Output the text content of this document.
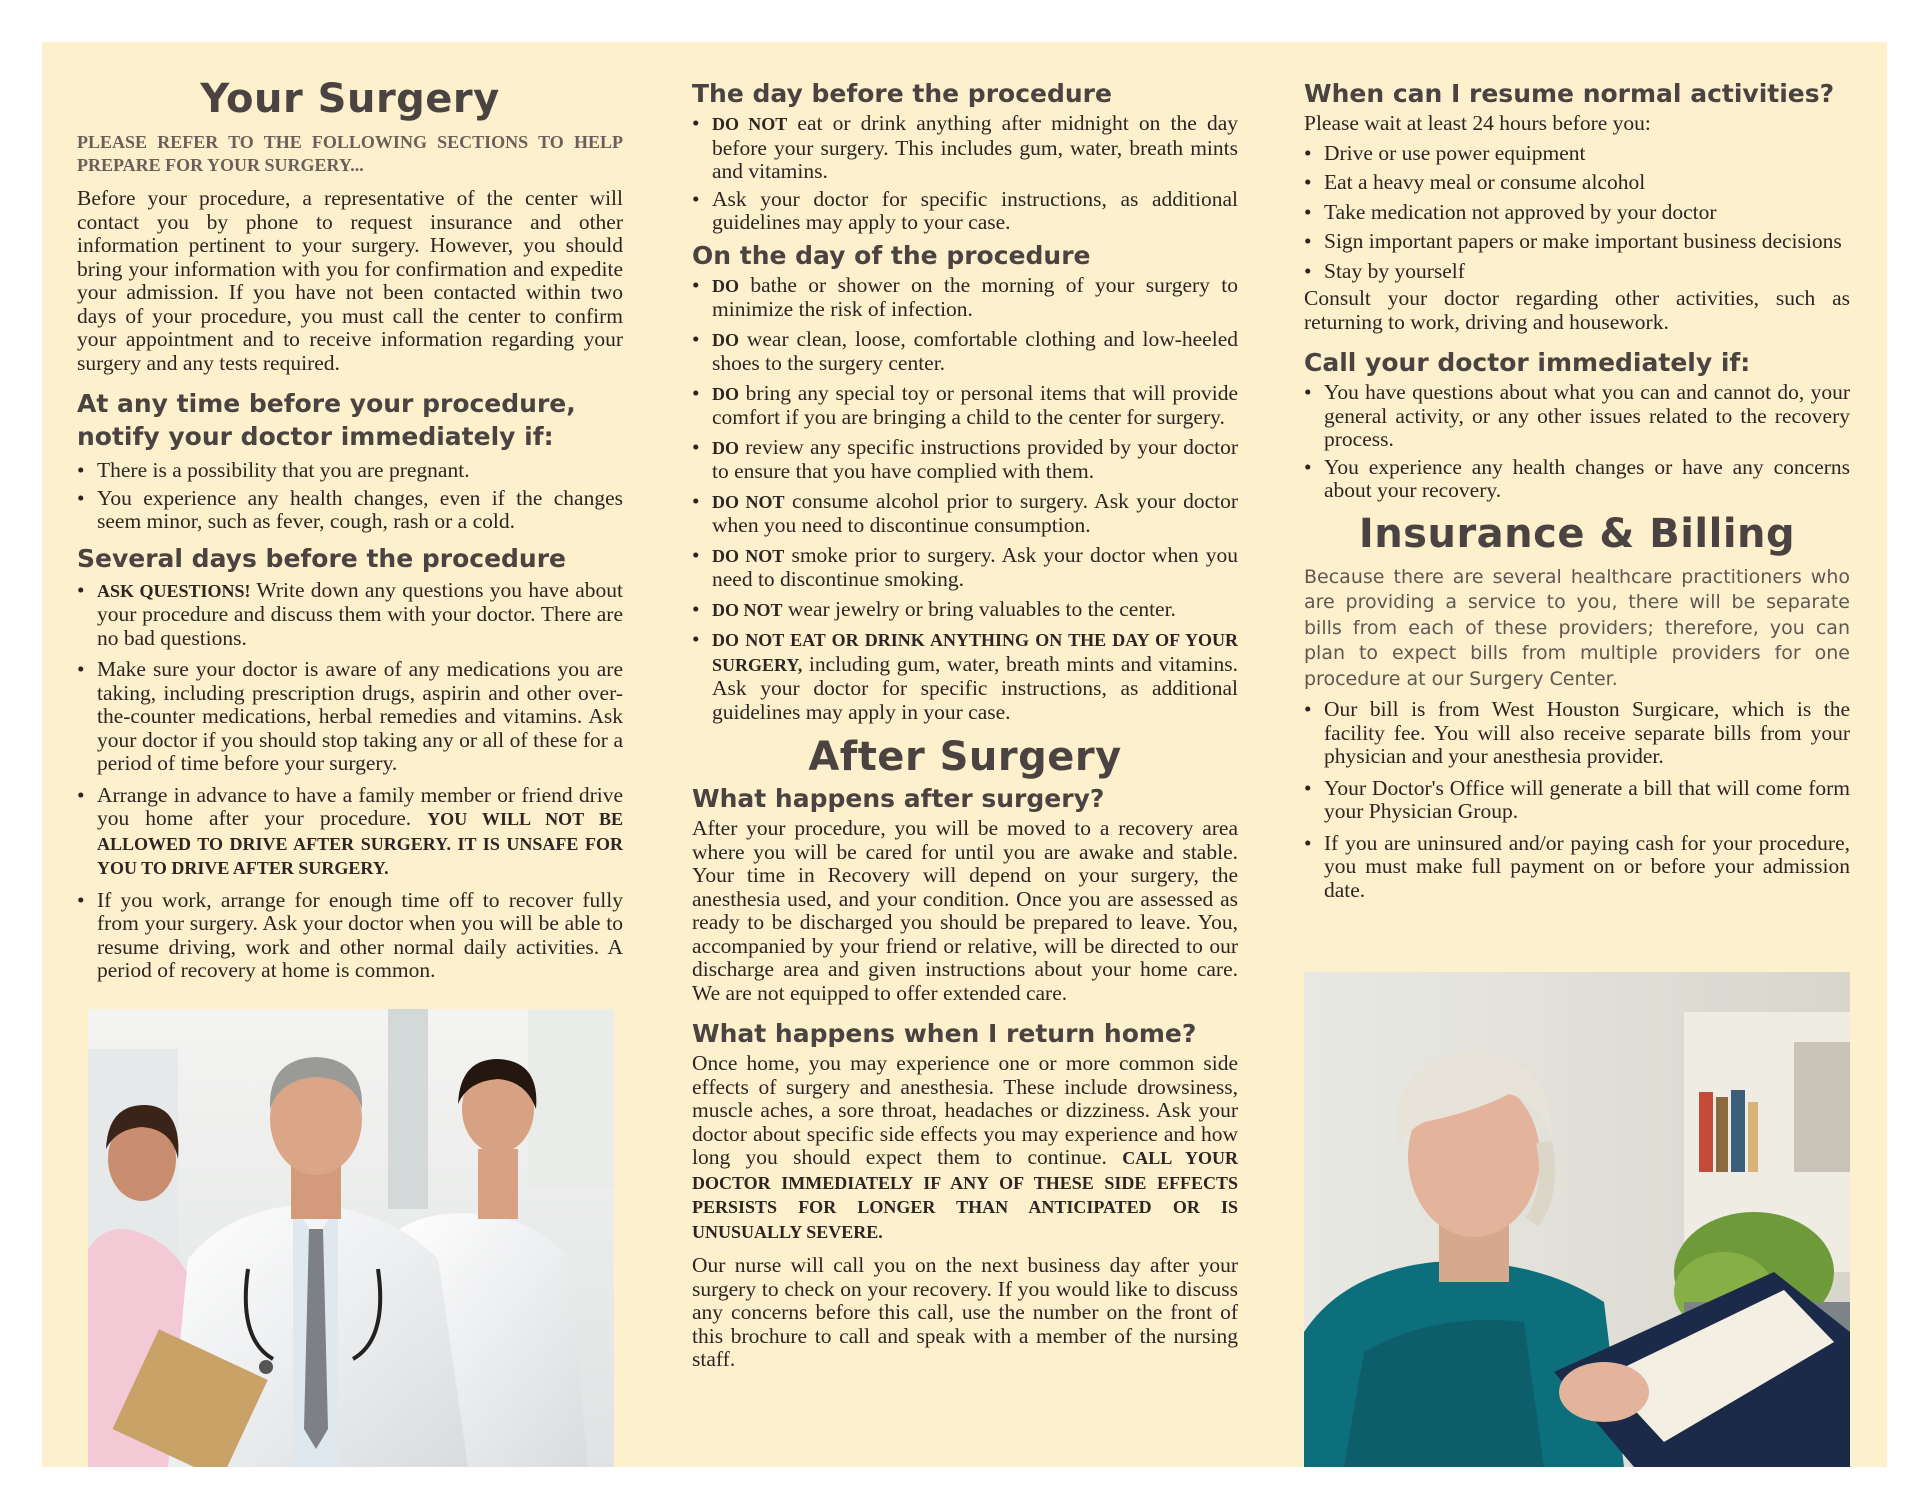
Your Surgery

PLEASE REFER TO THE FOLLOWING SECTIONS TO HELP PREPARE FOR YOUR SURGERY...

Before your procedure, a representative of the center will contact you by phone to request insurance and other information pertinent to your surgery. However, you should bring your information with you for confirmation and expedite your admission. If you have not been contacted within two days of your procedure, you must call the center to confirm your appointment and to receive information regarding your surgery and any tests required.

At any time before your procedure,
notify your doctor immediately if:
• There is a possibility that you are pregnant.
• You experience any health changes, even if the changes seem minor, such as fever, cough, rash or a cold.
Several days before the procedure
• ASK QUESTIONS! Write down any questions you have about your procedure and discuss them with your doctor. There are no bad questions.
• Make sure your doctor is aware of any medications you are taking, including prescription drugs, aspirin and other over-the-counter medications, herbal remedies and vitamins. Ask your doctor if you should stop taking any or all of these for a period of time before your surgery.
• Arrange in advance to have a family member or friend drive you home after your procedure. YOU WILL NOT BE ALLOWED TO DRIVE AFTER SURGERY. IT IS UNSAFE FOR YOU TO DRIVE AFTER SURGERY.
• If you work, arrange for enough time off to recover fully from your surgery. Ask your doctor when you will be able to resume driving, work and other normal daily activities. A period of recovery at home is common.
The day before the procedure
• DO NOT eat or drink anything after midnight on the day before your surgery. This includes gum, water, breath mints and vitamins.
• Ask your doctor for specific instructions, as additional guidelines may apply to your case.
On the day of the procedure
• DO bathe or shower on the morning of your surgery to minimize the risk of infection.
• DO wear clean, loose, comfortable clothing and low-heeled shoes to the surgery center.
• DO bring any special toy or personal items that will provide comfort if you are bringing a child to the center for surgery.
• DO review any specific instructions provided by your doctor to ensure that you have complied with them.
• DO NOT consume alcohol prior to surgery. Ask your doctor when you need to discontinue consumption.
• DO NOT smoke prior to surgery. Ask your doctor when you need to discontinue smoking.
• DO NOT wear jewelry or bring valuables to the center.
• DO NOT EAT OR DRINK ANYTHING ON THE DAY OF YOUR SURGERY, including gum, water, breath mints and vitamins. Ask your doctor for specific instructions, as additional guidelines may apply in your case.
After Surgery
What happens after surgery?

After your procedure, you will be moved to a recovery area where you will be cared for until you are awake and stable. Your time in Recovery will depend on your surgery, the anesthesia used, and your condition. Once you are assessed as ready to be discharged you should be prepared to leave. You, accompanied by your friend or relative, will be directed to our discharge area and given instructions about your home care. We are not equipped to offer extended care.

What happens when I return home?

Once home, you may experience one or more common side effects of surgery and anesthesia. These include drowsiness, muscle aches, a sore throat, headaches or dizziness. Ask your doctor about specific side effects you may experience and how long you should expect them to continue. CALL YOUR DOCTOR IMMEDIATELY IF ANY OF THESE SIDE EFFECTS PERSISTS FOR LONGER THAN ANTICIPATED OR IS UNUSUALLY SEVERE.

Our nurse will call you on the next business day after your surgery to check on your recovery. If you would like to discuss any concerns before this call, use the number on the front of this brochure to call and speak with a member of the nursing staff.

When can I resume normal activities?

Please wait at least 24 hours before you:

• Drive or use power equipment
• Eat a heavy meal or consume alcohol
• Take medication not approved by your doctor
• Sign important papers or make important business decisions
• Stay by yourself

Consult your doctor regarding other activities, such as returning to work, driving and housework.

Call your doctor immediately if:
• You have questions about what you can and cannot do, your general activity, or any other issues related to the recovery process.
• You experience any health changes or have any concerns about your recovery.
Insurance & Billing

Because there are several healthcare practitioners who are providing a service to you, there will be separate bills from each of these providers; therefore, you can plan to expect bills from multiple providers for one procedure at our Surgery Center.

• Our bill is from West Houston Surgicare, which is the facility fee. You will also receive separate bills from your physician and your anesthesia provider.
• Your Doctor's Office will generate a bill that will come form your Physician Group.
• If you are uninsured and/or paying cash for your procedure, you must make full payment on or before your admission date.
